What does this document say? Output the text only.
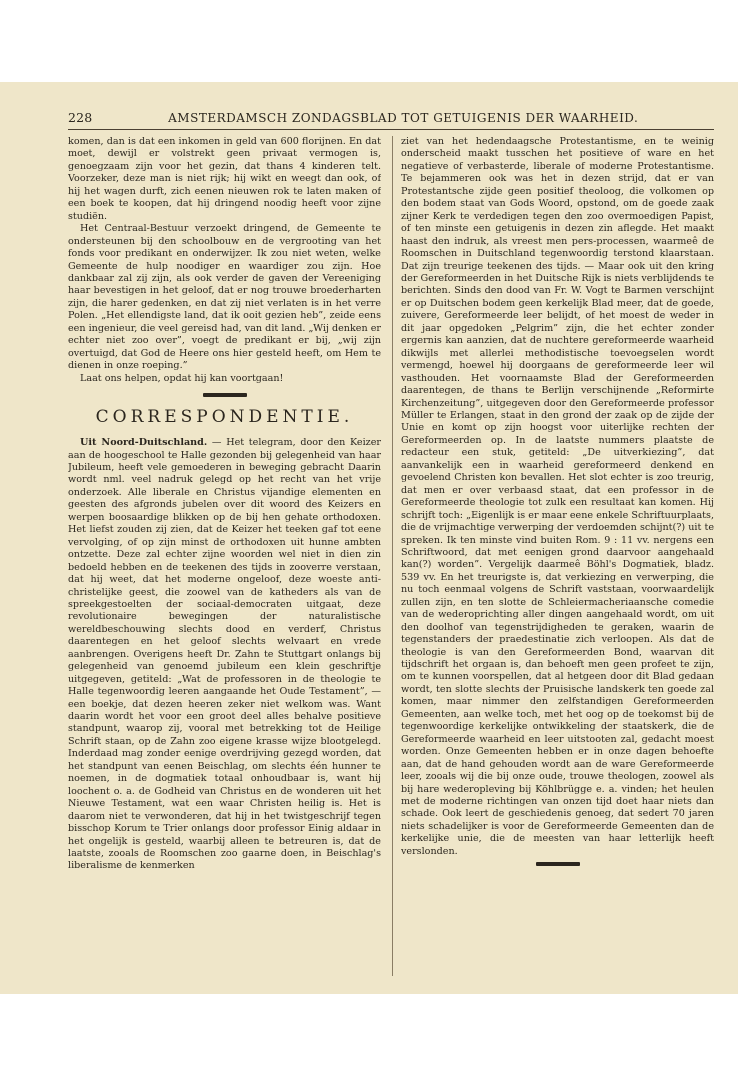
228	AMSTERDAMSCH ZONDAGSBLAD TOT GETUIGENIS DER WAARHEID.

komen, dan is dat een inkomen in geld van 600 florijnen. En dat moet, dewijl er volstrekt geen privaat vermogen is, genoegzaam zijn voor het gezin, dat thans 4 kinderen telt. Voorzeker, deze man is niet rijk; hij wikt en weegt dan ook, of hij het wagen durft, zich eenen nieuwen rok te laten maken of een boek te koopen, dat hij dringend noodig heeft voor zijne studiën.

Het Centraal-Bestuur verzoekt dringend, de Gemeente te ondersteunen bij den schoolbouw en de vergrooting van het fonds voor predikant en onderwijzer. Ik zou niet weten, welke Gemeente de hulp noodiger en waardiger zou zijn. Hoe dankbaar zal zij zijn, als ook verder de gaven der Vereeniging haar bevestigen in het geloof, dat er nog trouwe broederharten zijn, die harer gedenken, en dat zij niet verlaten is in het verre Polen. „Het ellendigste land, dat ik ooit gezien heb”, zeide eens een ingenieur, die veel gereisd had, van dit land. „Wij denken er echter niet zoo over”, voegt de predikant er bij, „wij zijn overtuigd, dat God de Heere ons hier gesteld heeft, om Hem te dienen in onze roeping.”

Laat ons helpen, opdat hij kan voortgaan!

CORRESPONDENTIE.

Uit Noord-Duitschland. — Het telegram, door den Keizer aan de hoogeschool te Halle gezonden bij gelegenheid van haar Jubileum, heeft vele gemoederen in beweging gebracht Daarin wordt nml. veel nadruk gelegd op het recht van het vrije onderzoek. Alle liberale en Christus vijandige elementen en geesten des afgronds jubelen over dit woord des Keizers en werpen boosaardige blikken op de bij hen gehate orthodoxen. Het liefst zouden zij zien, dat de Keizer het teeken gaf tot eene vervolging, of op zijn minst de orthodoxen uit hunne ambten ontzette. Deze zal echter zijne woorden wel niet in dien zin bedoeld hebben en de teekenen des tijds in zooverre verstaan, dat hij weet, dat het moderne ongeloof, deze woeste anti-christelijke geest, die zoowel van de katheders als van de spreekgestoelten der sociaal-democraten uitgaat, deze revolutionaire bewegingen der naturalistische wereldbeschouwing slechts dood en verderf, Christus daarentegen en het geloof slechts welvaart en vrede aanbrengen. Overigens heeft Dr. Zahn te Stuttgart onlangs bij gelegenheid van genoemd jubileum een klein geschriftje uitgegeven, getiteld: „Wat de professoren in de theologie te Halle tegenwoordig leeren aangaande het Oude Testament”, — een boekje, dat dezen heeren zeker niet welkom was. Want daarin wordt het voor een groot deel alles behalve positieve standpunt, waarop zij, vooral met betrekking tot de Heilige Schrift staan, op de Zahn zoo eigene krasse wijze blootgelegd. Inderdaad mag zonder eenige overdrijving gezegd worden, dat het standpunt van eenen Beischlag, om slechts één hunner te noemen, in de dogmatiek totaal onhoudbaar is, want hij loochent o. a. de Godheid van Christus en de wonderen uit het Nieuwe Testament, wat een waar Christen heilig is. Het is daarom niet te verwonderen, dat hij in het twistgeschrijf tegen bisschop Korum te Trier onlangs door professor Einig aldaar in het ongelijk is gesteld, waarbij alleen te betreuren is, dat de laatste, zooals de Roomschen zoo gaarne doen, in Beischlag's liberalisme de kenmerken

ziet van het hedendaagsche Protestantisme, en te weinig onderscheid maakt tusschen het positieve of ware en het negatieve of verbasterde, liberale of moderne Protestantisme. Te bejammeren ook was het in dezen strijd, dat er van Protestantsche zijde geen positief theoloog, die volkomen op den bodem staat van Gods Woord, opstond, om de goede zaak zijner Kerk te verdedigen tegen den zoo overmoedigen Papist, of ten minste een getuigenis in dezen zin aflegde. Het maakt haast den indruk, als vreest men pers-processen, waarmeê de Roomschen in Duitschland tegenwoordig terstond klaarstaan. Dat zijn treurige teekenen des tijds. — Maar ook uit den kring der Gereformeerden in het Duitsche Rijk is niets verblijdends te berichten. Sinds den dood van Fr. W. Vogt te Barmen verschijnt er op Duitschen bodem geen kerkelijk Blad meer, dat de goede, zuivere, Gereformeerde leer belijdt, of het moest de weder in dit jaar opgedoken „Pelgrim” zijn, die het echter zonder ergernis kan aanzien, dat de nuchtere gereformeerde waarheid dikwijls met allerlei methodistische toevoegselen wordt vermengd, hoewel hij doorgaans de gereformeerde leer wil vasthouden. Het voornaamste Blad der Gereformeerden daarentegen, de thans te Berlijn verschijnende „Reformirte Kirchenzeitung”, uitgegeven door den Gereformeerde professor Müller te Erlangen, staat in den grond der zaak op de zijde der Unie en komt op zijn hoogst voor uiterlijke rechten der Gereformeerden op. In de laatste nummers plaatste de redacteur een stuk, getiteld: „De uitverkiezing”, dat aanvankelijk een in waarheid gereformeerd denkend en gevoelend Christen kon bevallen. Het slot echter is zoo treurig, dat men er over verbaasd staat, dat een professor in de Gereformeerde theologie tot zulk een resultaat kan komen. Hij schrijft toch: „Eigenlijk is er maar eene enkele Schriftuurplaats, die de vrijmachtige verwerping der verdoemden schijnt(?) uit te spreken. Ik ten minste vind buiten Rom. 9 : 11 vv. nergens een Schriftwoord, dat met eenigen grond daarvoor aangehaald kan(?) worden”. Vergelijk daarmeê Böhl's Dogmatiek, bladz. 539 vv. En het treurigste is, dat verkiezing en verwerping, die nu toch eenmaal volgens de Schrift vaststaan, voorwaardelijk zullen zijn, en ten slotte de Schleiermacheriaansche comedie van de wederoprichting aller dingen aangehaald wordt, om uit den doolhof van tegenstrijdigheden te geraken, waarin de tegenstanders der praedestinatie zich verloopen. Als dat de theologie is van den Gereformeerden Bond, waarvan dit tijdschrift het orgaan is, dan behoeft men geen profeet te zijn, om te kunnen voorspellen, dat al hetgeen door dit Blad gedaan wordt, ten slotte slechts der Pruisische landskerk ten goede zal komen, maar nimmer den zelfstandigen Gereformeerden Gemeenten, aan welke toch, met het oog op de toekomst bij de tegenwoordige kerkelijke ontwikkeling der staatskerk, die de Gereformeerde waarheid en leer uitstooten zal, gedacht moest worden. Onze Gemeenten hebben er in onze dagen behoefte aan, dat de hand gehouden wordt aan de ware Gereformeerde leer, zooals wij die bij onze oude, trouwe theologen, zoowel als bij hare wederopleving bij Köhlbrügge e. a. vinden; het heulen met de moderne richtingen van onzen tijd doet haar niets dan schade. Ook leert de geschiedenis genoeg, dat sedert 70 jaren niets schadelijker is voor de Gereformeerde Gemeenten dan de kerkelijke unie, die de meesten van haar letterlijk heeft verslonden.
